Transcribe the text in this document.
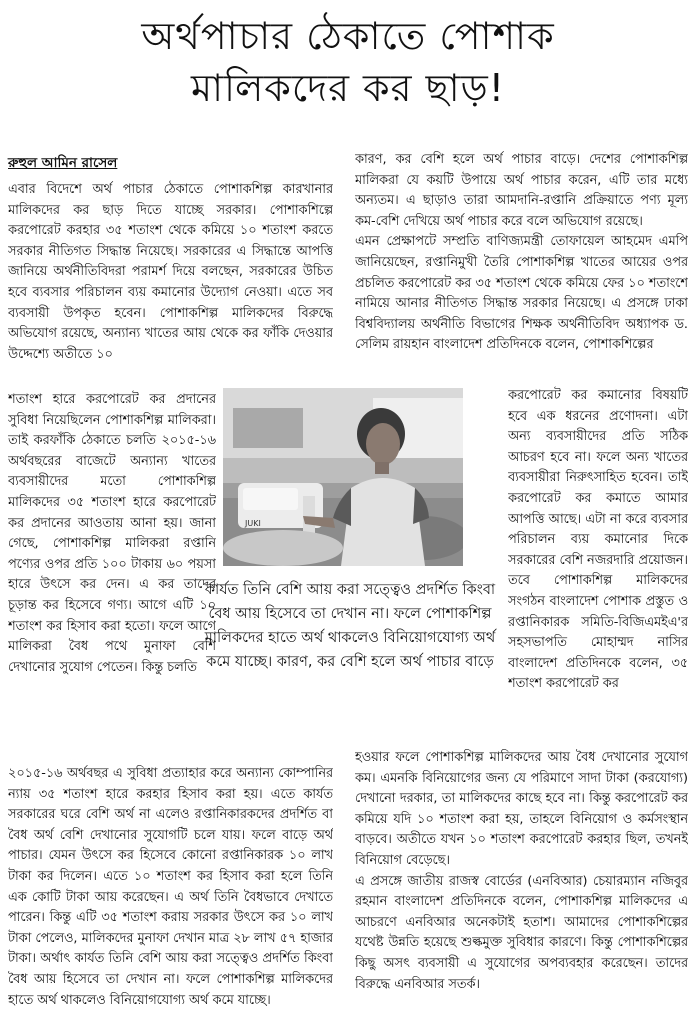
অর্থপাচার ঠেকাতে পোশাক
মালিকদের কর ছাড়!
রুহুল আমিন রাসেল

এবার বিদেশে অর্থ পাচার ঠেকাতে পোশাকশিল্প কারখানার মালিকদের কর ছাড় দিতে যাচ্ছে সরকার। পোশাকশিল্পে করপোরেট করহার ৩৫ শতাংশ থেকে কমিয়ে ১০ শতাংশ করতে সরকার নীতিগত সিদ্ধান্ত নিয়েছে। সরকারের এ সিদ্ধান্তে আপত্তি জানিয়ে অর্থনীতিবিদরা পরামর্শ দিয়ে বলছেন, সরকারের উচিত হবে ব্যবসার পরিচালন ব্যয় কমানোর উদ্যোগ নেওয়া। এতে সব ব্যবসায়ী উপকৃত হবেন। পোশাকশিল্প মালিকদের বিরুদ্ধে অভিযোগ রয়েছে, অন্যান্য খাতের আয় থেকে কর ফাঁকি দেওয়ার উদ্দেশ্যে অতীতে ১০

শতাংশ হারে করপোরেট কর প্রদানের সুবিধা নিয়েছিলেন পোশাকশিল্প মালিকরা। তাই করফাঁকি ঠেকাতে চলতি ২০১৫-১৬ অর্থবছরের বাজেটে অন্যান্য খাতের ব্যবসায়ীদের মতো পোশাকশিল্প মালিকদের ৩৫ শতাংশ হারে করপোরেট কর প্রদানের আওতায় আনা হয়। জানা গেছে, পোশাকশিল্প মালিকরা রপ্তানি পণ্যের ওপর প্রতি ১০০ টাকায় ৬০ পয়সা হারে উৎসে কর দেন। এ কর তাদের চূড়ান্ত কর হিসেবে গণ্য। আগে এটি ১০ শতাংশ কর হিসাব করা হতো। ফলে আগে মালিকরা বৈধ পথে মুনাফা বেশি দেখানোর সুযোগ পেতেন। কিন্তু চলতি

২০১৫-১৬ অর্থবছর এ সুবিধা প্রত্যাহার করে অন্যান্য কোম্পানির ন্যায় ৩৫ শতাংশ হারে করহার হিসাব করা হয়। এতে কার্যত সরকারের ঘরে বেশি অর্থ না এলেও রপ্তানিকারকদের প্রদর্শিত বা বৈধ অর্থ বেশি দেখানোর সুযোগটি চলে যায়। ফলে বাড়ে অর্থ পাচার। যেমন উৎসে কর হিসেবে কোনো রপ্তানিকারক ১০ লাখ টাকা কর দিলেন। এতে ১০ শতাংশ কর হিসাব করা হলে তিনি এক কোটি টাকা আয় করেছেন। এ অর্থ তিনি বৈধভাবে দেখাতে পারেন। কিন্তু এটি ৩৫ শতাংশ করায় সরকার উৎসে কর ১০ লাখ টাকা পেলেও, মালিকদের মুনাফা দেখান মাত্র ২৮ লাখ ৫৭ হাজার টাকা। অর্থাৎ কার্যত তিনি বেশি আয় করা সত্ত্বেও প্রদর্শিত কিংবা বৈধ আয় হিসেবে তা দেখান না। ফলে পোশাকশিল্প মালিকদের হাতে অর্থ থাকলেও বিনিয়োগযোগ্য অর্থ কমে যাচ্ছে।

কারণ, কর বেশি হলে অর্থ পাচার বাড়ে। দেশের পোশাকশিল্প মালিকরা যে কয়টি উপায়ে অর্থ পাচার করেন, এটি তার মধ্যে অন্যতম। এ ছাড়াও তারা আমদানি-রপ্তানি প্রক্রিয়াতে পণ্য মূল্য কম-বেশি দেখিয়ে অর্থ পাচার করে বলে অভিযোগ রয়েছে।

এমন প্রেক্ষাপটে সম্প্রতি বাণিজ্যমন্ত্রী তোফায়েল আহমেদ এমপি জানিয়েছেন, রপ্তানিমুখী তৈরি পোশাকশিল্প খাতের আয়ের ওপর প্রচলিত করপোরেট কর ৩৫ শতাংশ থেকে কমিয়ে ফের ১০ শতাংশে নামিয়ে আনার নীতিগত সিদ্ধান্ত সরকার নিয়েছে। এ প্রসঙ্গে ঢাকা বিশ্ববিদ্যালয় অর্থনীতি বিভাগের শিক্ষক অর্থনীতিবিদ অধ্যাপক ড. সেলিম রায়হান বাংলাদেশ প্রতিদিনকে বলেন, পোশাকশিল্পের

করপোরেট কর কমানোর বিষয়টি হবে এক ধরনের প্রণোদনা। এটা অন্য ব্যবসায়ীদের প্রতি সঠিক আচরণ হবে না। ফলে অন্য খাতের ব্যবসায়ীরা নিরুৎসাহিত হবেন। তাই করপোরেট কর কমাতে আমার আপত্তি আছে। এটা না করে ব্যবসার পরিচালন ব্যয় কমানোর দিকে সরকারের বেশি নজরদারি প্রয়োজন।

তবে পোশাকশিল্প মালিকদের সংগঠন বাংলাদেশ পোশাক প্রস্তুত ও রপ্তানিকারক সমিতি-বিজিএমইএ'র সহসভাপতি মোহাম্মদ নাসির বাংলাদেশ প্রতিদিনকে বলেন, ৩৫ শতাংশ করপোরেট কর

হওয়ার ফলে পোশাকশিল্প মালিকদের আয় বৈধ দেখানোর সুযোগ কম। এমনকি বিনিয়োগের জন্য যে পরিমাণে সাদা টাকা (করযোগ্য) দেখানো দরকার, তা মালিকদের কাছে হবে না। কিন্তু করপোরেট কর কমিয়ে যদি ১০ শতাংশ করা হয়, তাহলে বিনিয়োগ ও কর্মসংস্থান বাড়বে। অতীতে যখন ১০ শতাংশ করপোরেট করহার ছিল, তখনই বিনিয়োগ বেড়েছে।

এ প্রসঙ্গে জাতীয় রাজস্ব বোর্ডের (এনবিআর) চেয়ারম্যান নজিবুর রহমান বাংলাদেশ প্রতিদিনকে বলেন, পোশাকশিল্প মালিকদের এ আচরণে এনবিআর অনেকটাই হতাশ। আমাদের পোশাকশিল্পের যথেষ্ট উন্নতি হয়েছে শুল্কমুক্ত সুবিধার কারণে। কিন্তু পোশাকশিল্পের কিছু অসৎ ব্যবসায়ী এ সুযোগের অপব্যবহার করেছেন। তাদের বিরুদ্ধে এনবিআর সতর্ক।

JUKI
কার্যত তিনি বেশি আয় করা সত্ত্বেও প্রদর্শিত কিংবা বৈধ আয় হিসেবে তা দেখান না। ফলে পোশাকশিল্প মালিকদের হাতে অর্থ থাকলেও বিনিয়োগযোগ্য অর্থ কমে যাচ্ছে। কারণ, কর বেশি হলে অর্থ পাচার বাড়ে
